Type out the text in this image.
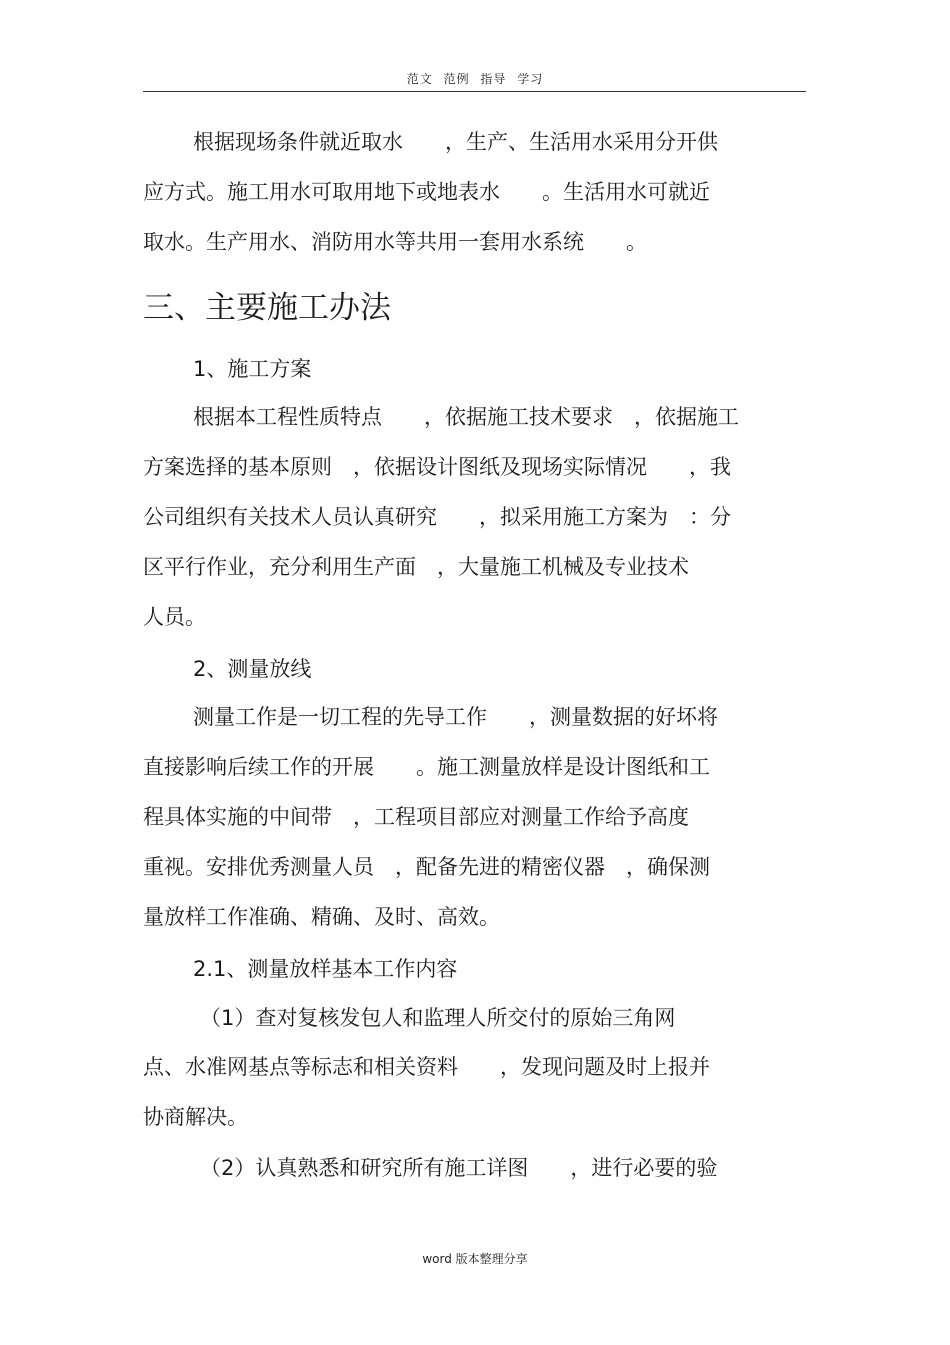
范文 范例 指导 学习
根据现场条件就近取水　　，生产、生活用水采用分开供
应方式。施工用水可取用地下或地表水　　。生活用水可就近
取水。生产用水、消防用水等共用一套用水系统　　。
三、主要施工办法
1、施工方案
根据本工程性质特点　　，依据施工技术要求　，依据施工
方案选择的基本原则　，依据设计图纸及现场实际情况　　，我
公司组织有关技术人员认真研究　　，拟采用施工方案为　：分
区平行作业，充分利用生产面　，大量施工机械及专业技术
人员。
2、测量放线
测量工作是一切工程的先导工作　　，测量数据的好坏将
直接影响后续工作的开展　　。施工测量放样是设计图纸和工
程具体实施的中间带　，工程项目部应对测量工作给予高度
重视。安排优秀测量人员　，配备先进的精密仪器　，确保测
量放样工作准确、精确、及时、高效。
2.1、测量放样基本工作内容
（1）查对复核发包人和监理人所交付的原始三角网
点、水准网基点等标志和相关资料　　，发现问题及时上报并
协商解决。
（2）认真熟悉和研究所有施工详图　　，进行必要的验
word 版本整理分享
